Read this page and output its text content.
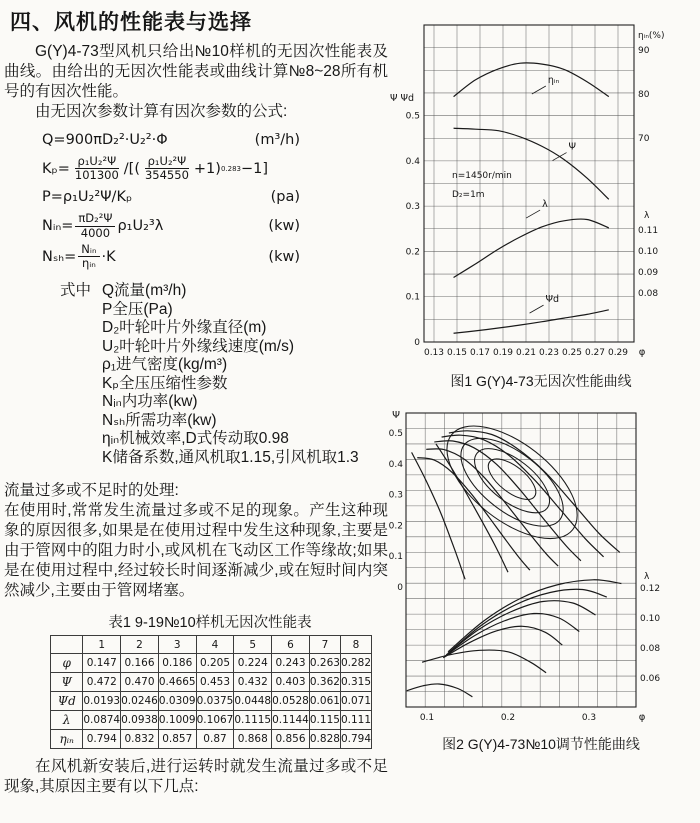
四、风机的性能表与选择
G(Y)4-73型风机只给出№10样机的无因次性能表及曲线。由给出的无因次性能表或曲线计算№8~28所有机号的有因次性能。
由无因次参数计算有因次参数的公式:
Q=900πD₂²·U₂²·Φ	(m³/h)
$K_p= \frac{\text{ρ₁U₂²Ψ}}{101300}$ /[( $\frac{\text{ρ₁U₂²Ψ}}{354550} +1$) 0.283 −1]
P=ρ₁U₂²Ψ/Kₚ	(pa)
Nᵢₙ= $\frac{\text{πD₂²Ψ}}{4000} \rho_1U_2^3\lambda$	(kw)
$N_{sh}= \frac{\text{Nᵢₙ}}{\text{ηᵢₙ}} \cdot K$	(kw)
式中 Q流量(m³/h)
P全压(Pa)
D₂叶轮叶片外缘直径(m)
U₂叶轮叶片外缘线速度(m/s)
ρ₁进气密度(kg/m³)
Kₚ全压压缩性参数
Nᵢₙ内功率(kw)
Nₛₕ所需功率(kw)
ηᵢₙ机械效率,D式传动取0.98
K储备系数,通风机取1.15,引风机取1.3
流量过多或不足时的处理:
在使用时,常常发生流量过多或不足的现象。产生这种现象的原因很多,如果是在使用过程中发生这种现象,主要是由于管网中的阻力时小,或风机在飞动区工作等缘故;如果是在使用过程中,经过较长时间逐渐减少,或在短时间内突然减少,主要由于管网堵塞。
表1 9-19№10样机无因次性能表
	1	2	3	4	5	6	7	8
φ	0.147	0.166	0.186	0.205	0.224	0.243	0.263	0.282
Ψ	0.472	0.470	0.4665	0.453	0.432	0.403	0.362	0.315
Ψd	0.0193	0.0246	0.0309	0.0375	0.0448	0.0528	0.061	0.071
λ	0.0874	0.0938	0.1009	0.1067	0.1115	0.1144	0.115	0.111
ηᵢₙ	0.794	0.832	0.857	0.87	0.868	0.856	0.828	0.794
在风机新安装后,进行运转时就发生流量过多或不足现象,其原因主要有以下几点:
0.13 0.15 0.17 0.19 0.21 0.23 0.25 0.27 0.29 φ
0.5
0.4
0.3
0.2
0.1
0
Ψ Ψd
ηᵢₙ(%)
90
80
70
λ
0.11
0.10
0.09
0.08
ηᵢₙ
Ψ
λ
Ψd
n=1450r/min
D₂=1m
图1 G(Y)4-73无因次性能曲线
0.1	0.2	0.3	φ
Ψ
0.5
0.4
0.3
0.2
0.1
0
λ
0.12
0.10
0.08
0.06
图2 G(Y)4-73№10调节性能曲线
